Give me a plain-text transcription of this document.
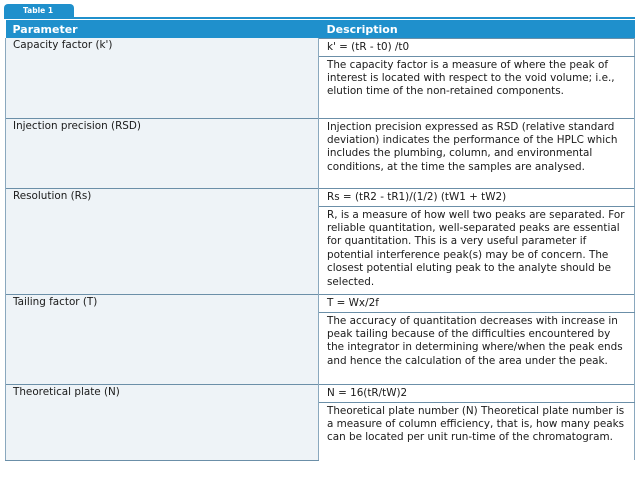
Table 1
Parameter	Description
Capacity factor (k')	k' = (tR - t0) /t0
	The capacity factor is a measure of where the peak of interest is located with respect to the void volume; i.e., elution time of the non-retained components.
Injection precision (RSD)	Injection precision expressed as RSD (relative standard deviation) indicates the performance of the HPLC which includes the plumbing, column, and environmental conditions, at the time the samples are analysed.
Resolution (Rs)	Rs = (tR2 - tR1)/(1/2) (tW1 + tW2)
	R, is a measure of how well two peaks are separated. For reliable quantitation, well-separated peaks are essential for quantitation. This is a very useful parameter if potential interference peak(s) may be of concern. The closest potential eluting peak to the analyte should be selected.
Tailing factor (T)	T = Wx/2f
	The accuracy of quantitation decreases with increase in peak tailing because of the difficulties encountered by the integrator in determining where/when the peak ends and hence the calculation of the area under the peak.
Theoretical plate (N)	N = 16(tR/tW)2
	Theoretical plate number (N) Theoretical plate number is a measure of column efficiency, that is, how many peaks can be located per unit run-time of the chromatogram.
